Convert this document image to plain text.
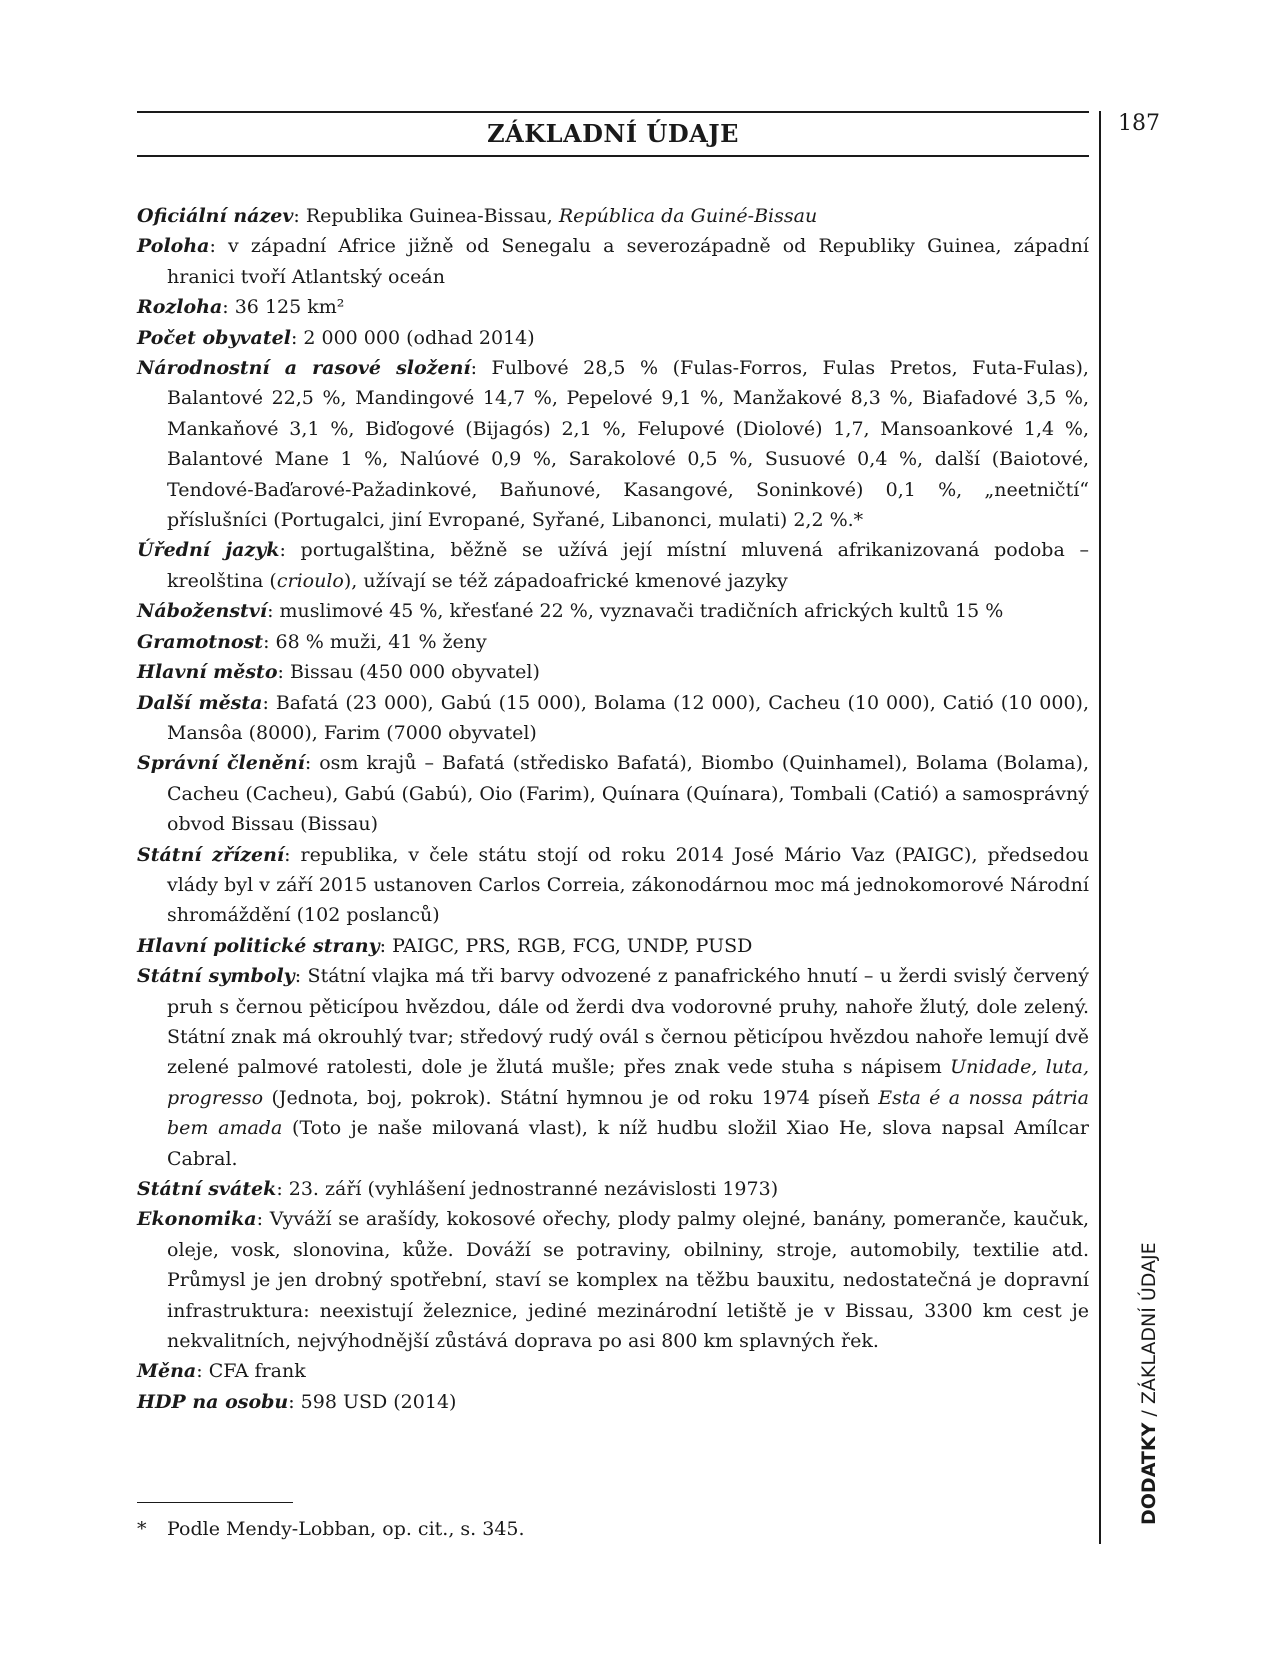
ZÁKLADNÍ ÚDAJE	187
DODATKY / ZÁKLADNÍ ÚDAJE

Oficiální název: Republika Guinea-Bissau, República da Guiné-Bissau

Poloha: v západní Africe jižně od Senegalu a severozápadně od Republiky Guinea, západní hranici tvoří Atlantský oceán

Rozloha: 36 125 km²

Počet obyvatel: 2 000 000 (odhad 2014)

Národnostní a rasové složení: Fulbové 28,5 % (Fulas-Forros, Fulas Pretos, Futa-Fulas), Balantové 22,5 %, Mandingové 14,7 %, Pepelové 9,1 %, Manžakové 8,3 %, Biafadové 3,5 %, Mankaňové 3,1 %, Biďogové (Bijagós) 2,1 %, Felupové (Diolové) 1,7, Mansoankové 1,4 %, Balantové Mane 1 %, Nalúové 0,9 %, Sarakolové 0,5 %, Susuové 0,4 %, další (Baiotové, Tendové-Baďarové-Pažadinkové, Baňunové, Kasangové, Soninkové) 0,1 %, „neetničtí“ příslušníci (Portugalci, jiní Evropané, Syřané, Libanonci, mulati) 2,2 %.*

Úřední jazyk: portugalština, běžně se užívá její místní mluvená afrikanizovaná podoba – kreolština (crioulo), užívají se též západoafrické kmenové jazyky

Náboženství: muslimové 45 %, křesťané 22 %, vyznavači tradičních afrických kultů 15 %

Gramotnost: 68 % muži, 41 % ženy

Hlavní město: Bissau (450 000 obyvatel)

Další města: Bafatá (23 000), Gabú (15 000), Bolama (12 000), Cacheu (10 000), Catió (10 000), Mansôa (8000), Farim (7000 obyvatel)

Správní členění: osm krajů – Bafatá (středisko Bafatá), Biombo (Quinhamel), Bolama (Bolama), Cacheu (Cacheu), Gabú (Gabú), Oio (Farim), Quínara (Quínara), Tombali (Catió) a samosprávný obvod Bissau (Bissau)

Státní zřízení: republika, v čele státu stojí od roku 2014 José Mário Vaz (PAIGC), předsedou vlády byl v září 2015 ustanoven Carlos Correia, zákonodárnou moc má jednokomorové Národní shromáždění (102 poslanců)

Hlavní politické strany: PAIGC, PRS, RGB, FCG, UNDP, PUSD

Státní symboly: Státní vlajka má tři barvy odvozené z panafrického hnutí – u žerdi svislý červený pruh s černou pěticípou hvězdou, dále od žerdi dva vodorovné pruhy, nahoře žlutý, dole zelený. Státní znak má okrouhlý tvar; středový rudý ovál s černou pěticípou hvězdou nahoře lemují dvě zelené palmové ratolesti, dole je žlutá mušle; přes znak vede stuha s nápisem Unidade, luta, progresso (Jednota, boj, pokrok). Státní hymnou je od roku 1974 píseň Esta é a nossa pátria bem amada (Toto je naše milovaná vlast), k níž hudbu složil Xiao He, slova napsal Amílcar Cabral.

Státní svátek: 23. září (vyhlášení jednostranné nezávislosti 1973)

Ekonomika: Vyváží se arašídy, kokosové ořechy, plody palmy olejné, banány, pomeranče, kaučuk, oleje, vosk, slonovina, kůže. Dováží se potraviny, obilniny, stroje, automobily, textilie atd. Průmysl je jen drobný spotřební, staví se komplex na těžbu bauxitu, nedostatečná je dopravní infrastruktura: neexistují železnice, jediné mezinárodní letiště je v Bissau, 3300 km cest je nekvalitních, nejvýhodnější zůstává doprava po asi 800 km splavných řek.

Měna: CFA frank

HDP na osobu: 598 USD (2014)

* Podle Mendy-Lobban, op. cit., s. 345.
